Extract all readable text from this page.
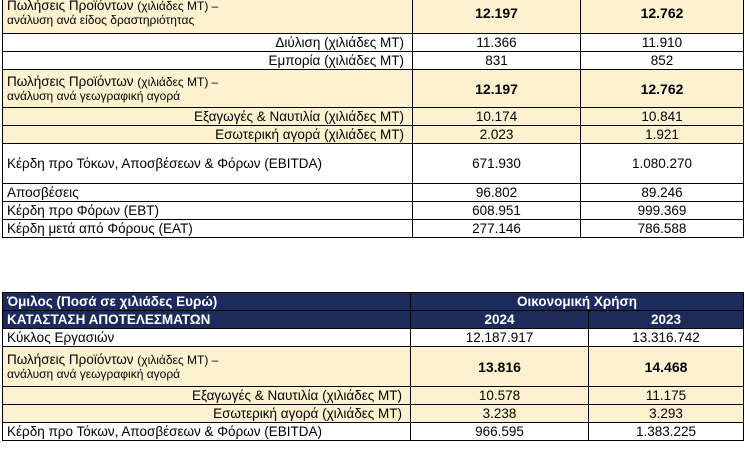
Πωλήσεις Προϊόντων (χιλιάδες MT) –
ανάλυση ανά είδος δραστηριότητας	12.197	12.762
Διύλιση (χιλιάδες MT)	11.366	11.910
Εμπορία (χιλιάδες MT)	831	852
Πωλήσεις Προϊόντων (χιλιάδες MT) –
ανάλυση ανά γεωγραφική αγορά	12.197	12.762
Εξαγωγές & Ναυτιλία (χιλιάδες MT)	10.174	10.841
Εσωτερική αγορά (χιλιάδες MT)	2.023	1.921
Κέρδη προ Τόκων, Αποσβέσεων & Φόρων (EBITDA)	671.930	1.080.270
Αποσβέσεις	96.802	89.246
Κέρδη προ Φόρων (EBT)	608.951	999.369
Κέρδη μετά από Φόρους (EAT)	277.146	786.588
Όμιλος (Ποσά σε χιλιάδες Ευρώ)	Οικονομική Χρήση	
ΚΑΤΑΣΤΑΣΗ ΑΠΟΤΕΛΕΣΜΑΤΩΝ	2024	2023
Κύκλος Εργασιών	12.187.917	13.316.742
Πωλήσεις Προϊόντων (χιλιάδες MT) –
ανάλυση ανά γεωγραφική αγορά	13.816	14.468
Εξαγωγές & Ναυτιλία (χιλιάδες MT)	10.578	11.175
Εσωτερική αγορά (χιλιάδες MT)	3.238	3.293
Κέρδη προ Τόκων, Αποσβέσεων & Φόρων (EBITDA)	966.595	1.383.225
